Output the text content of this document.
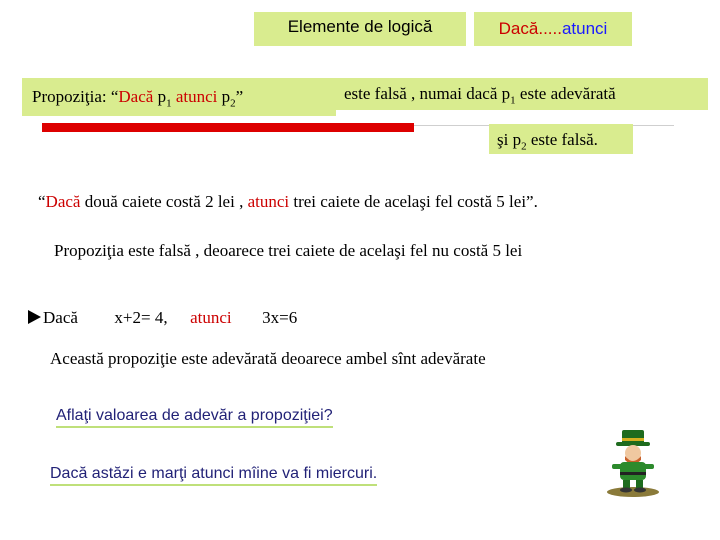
Elemente de logică	Dacă.....atunci
Propoziţia: “Dacă $p_1$ atunci $p_2$”	este falsă , numai dacă $p_1$ este adevărată
şi $p_2$ este falsă.
“Dacă două caiete costă 2 lei , atunci trei caiete de acelaşi fel costă 5 lei”.
Propoziţia este falsă , deoarece trei caiete de acelaşi fel nu costă 5 lei
Dacă x+2= 4, atunci 3x=6
Această propoziţie este adevărată deoarece ambel sînt adevărate
Aflaţi valoarea de adevăr a propoziţiei?
Dacă astăzi e marţi atunci mîine va fi miercuri.
